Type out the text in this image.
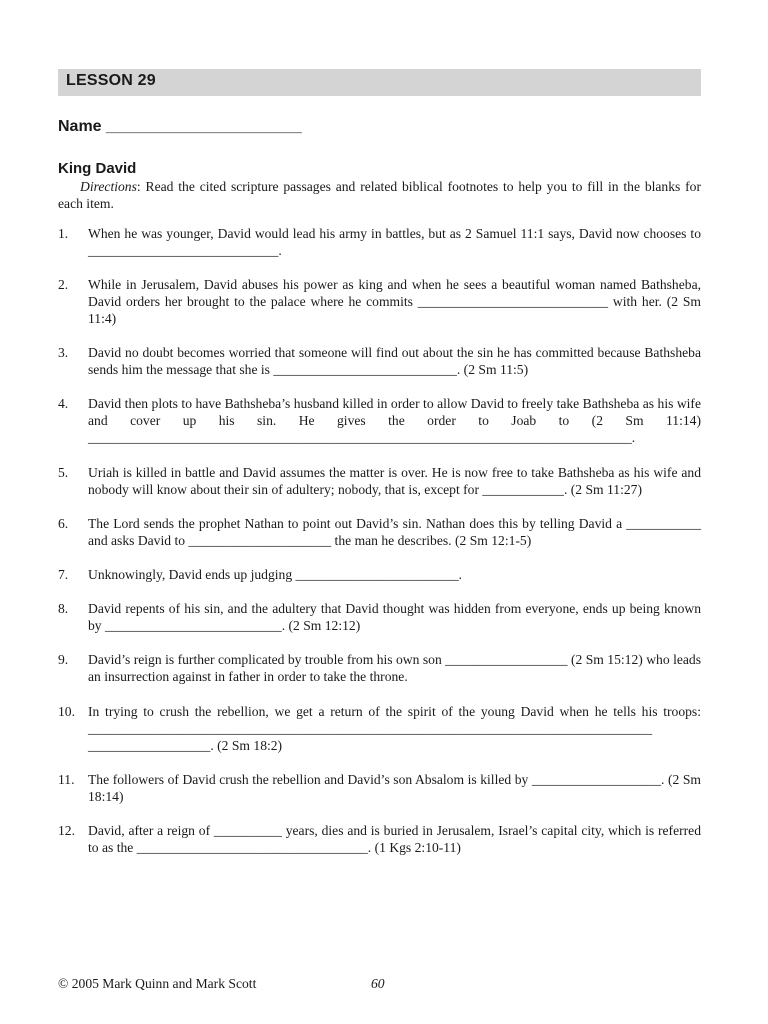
LESSON 29
Name ______________________
King David
Directions: Read the cited scripture passages and related biblical footnotes to help you to fill in the blanks for each item.
1.	When he was younger, David would lead his army in battles, but as 2 Samuel 11:1 says, David now chooses to ____________________________.
2.	While in Jerusalem, David abuses his power as king and when he sees a beautiful woman named Bathsheba, David orders her brought to the palace where he commits ____________________________ with her. (2 Sm 11:4)
3.	David no doubt becomes worried that someone will find out about the sin he has committed because Bathsheba sends him the message that she is ___________________________. (2 Sm 11:5)
4.	David then plots to have Bathsheba’s husband killed in order to allow David to freely take Bathsheba as his wife and cover up his sin. He gives the order to Joab to (2 Sm 11:14) ________________________________________________________________________________.
5.	Uriah is killed in battle and David assumes the matter is over. He is now free to take Bathsheba as his wife and nobody will know about their sin of adultery; nobody, that is, except for ____________. (2 Sm 11:27)
6.	The Lord sends the prophet Nathan to point out David’s sin. Nathan does this by telling David a ___________ and asks David to _____________________ the man he describes. (2 Sm 12:1-5)
7.	Unknowingly, David ends up judging ________________________.
8.	David repents of his sin, and the adultery that David thought was hidden from everyone, ends up being known by __________________________. (2 Sm 12:12)
9.	David’s reign is further complicated by trouble from his own son __________________ (2 Sm 15:12) who leads an insurrection against in father in order to take the throne.
10. In trying to crush the rebellion, we get a return of the spirit of the young David when he tells his troops: ___________________________________________________________________________________ __________________. (2 Sm 18:2)
11. The followers of David crush the rebellion and David’s son Absalom is killed by ___________________. (2 Sm 18:14)
12. David, after a reign of __________ years, dies and is buried in Jerusalem, Israel’s capital city, which is referred to as the __________________________________. (1 Kgs 2:10-11)
© 2005 Mark Quinn and Mark Scott	60
